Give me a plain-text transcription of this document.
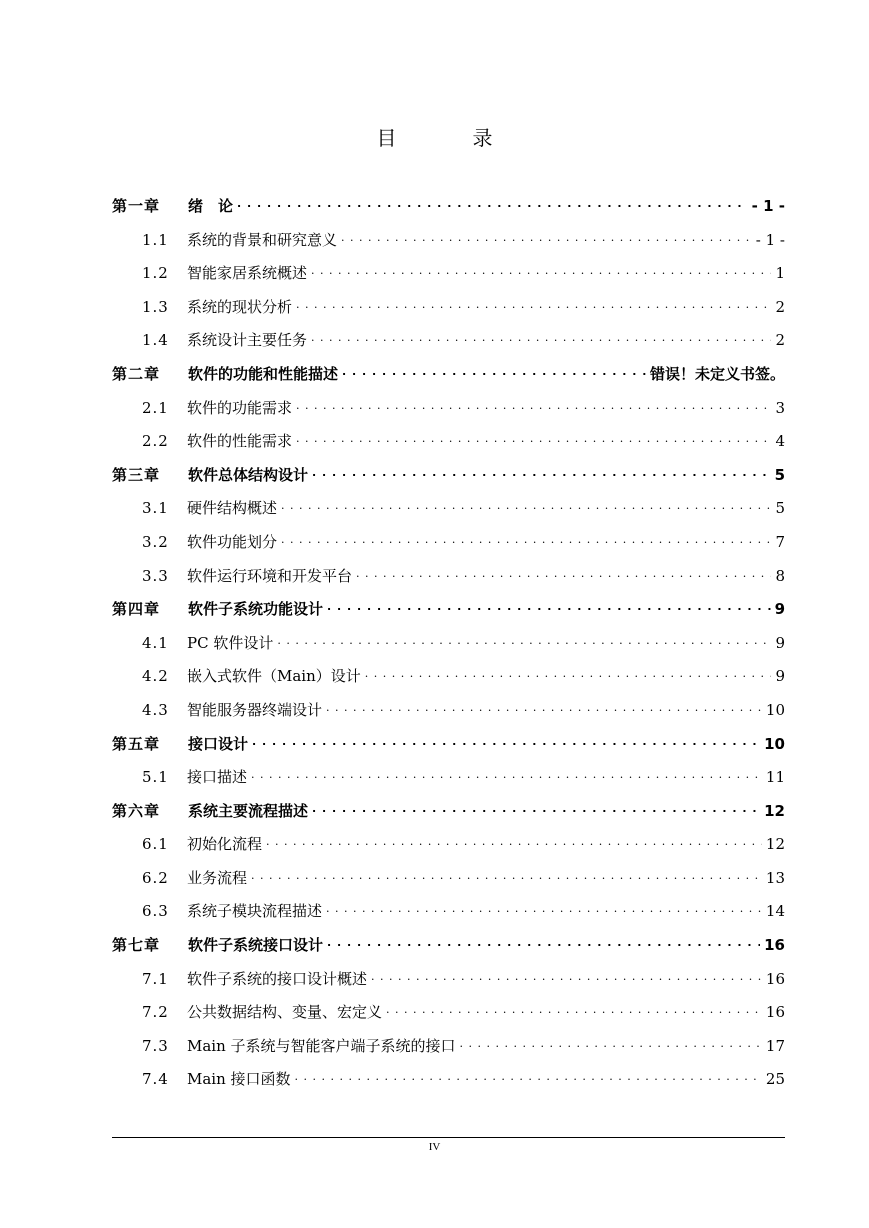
目　录
第一章	绪　论 . . .	- 1 -
1.1	系统的背景和研究意义 . . .	- 1 -
1.2	智能家居系统概述 . . .	1
1.3	系统的现状分析 . . .	2
1.4	系统设计主要任务 . . .	2
第二章	软件的功能和性能描述 . . .	错误！未定义书签。
2.1	软件的功能需求 . . .	3
2.2	软件的性能需求 . . .	4
第三章	软件总体结构设计 . . .	5
3.1	硬件结构概述 . . .	5
3.2	软件功能划分 . . .	7
3.3	软件运行环境和开发平台 . . .	8
第四章	软件子系统功能设计 . . .	9
4.1	PC 软件设计 . . .	9
4.2	嵌入式软件（Main）设计 . . .	9
4.3	智能服务器终端设计 . . .	10
第五章	接口设计 . . .	10
5.1	接口描述 . . .	11
第六章	系统主要流程描述 . . .	12
6.1	初始化流程 . . .	12
6.2	业务流程 . . .	13
6.3	系统子模块流程描述 . . .	14
第七章	软件子系统接口设计 . . .	16
7.1	软件子系统的接口设计概述 . . .	16
7.2	公共数据结构、变量、宏定义 . . .	16
7.3	Main 子系统与智能客户端子系统的接口 . . .	17
7.4	Main 接口函数 . . .	25
IV
